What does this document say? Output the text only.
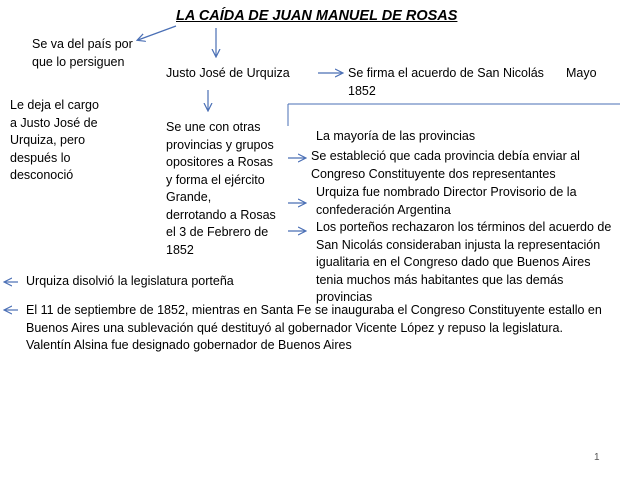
LA CAÍDA DE JUAN MANUEL DE ROSAS
Se va del país por
que lo persiguen
Justo José de Urquiza	Se firma el acuerdo de San Nicolás
1852
Mayo
Le deja el cargo
a Justo José de
Urquiza, pero
después lo
desconoció
Se une con otras
provincias y grupos
opositores a Rosas
y forma el ejército
Grande,
derrotando a Rosas
el 3 de Febrero de
1852
La mayoría de las provincias
Se estableció que cada provincia debía enviar al
Congreso Constituyente dos representantes
Urquiza fue nombrado Director Provisorio de la
confederación Argentina
Los porteños rechazaron los términos del acuerdo de
San Nicolás consideraban injusta la representación
igualitaria en el Congreso dado que Buenos Aires
tenia muchos más habitantes que las demás
provincias
Urquiza disolvió la legislatura porteña
El 11 de septiembre de 1852, mientras en Santa Fe se inauguraba el Congreso Constituyente estallo en
Buenos Aires una sublevación qué destituyó al gobernador Vicente López y repuso la legislatura.
Valentín Alsina fue designado gobernador de Buenos Aires
1
